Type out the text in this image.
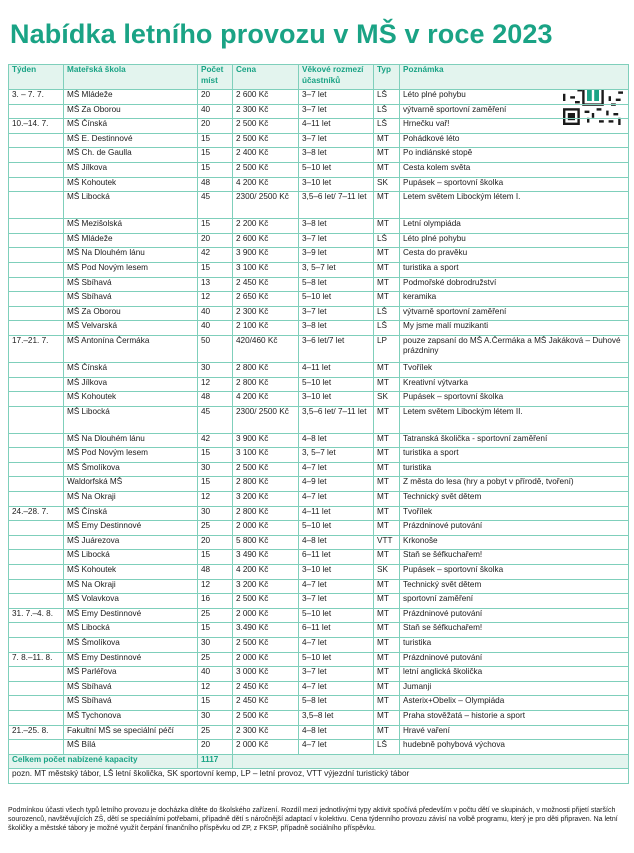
Nabídka letního provozu v MŠ v roce 2023
Týden	Mateřská škola	Počet míst	Cena	Věkové rozmezí účastníků	Typ	Poznámka
3. – 7. 7.	MŠ Mládeže	20	2 600 Kč	3–7 let	LŠ	Léto plné pohybu
	MŠ Za Oborou	40	2 300 Kč	3–7 let	LŠ	výtvarně sportovní zaměření
10.–14. 7.	MŠ Čínská	20	2 500 Kč	4–11 let	LŠ	Hrnečku vař!
	MŠ E. Destinnové	15	2 500 Kč	3–7 let	MT	Pohádkové léto
	MŠ Ch. de Gaulla	15	2 400 Kč	3–8 let	MT	Po indiánské stopě
	MŠ Jílkova	15	2 500 Kč	5–10 let	MT	Cesta kolem světa
	MŠ Kohoutek	48	4 200 Kč	3–10 let	SK	Pupásek – sportovní školka
	MŠ Libocká	45	2300/ 2500 Kč	3,5–6 let/ 7–11 let	MT	Letem světem Libockým létem I.
	MŠ Mezišolská	15	2 200 Kč	3–8 let	MT	Letní olympiáda
	MŠ Mládeže	20	2 600 Kč	3–7 let	LŠ	Léto plné pohybu
	MŠ Na Dlouhém lánu	42	3 900 Kč	3–9 let	MT	Cesta do pravěku
	MŠ Pod Novým lesem	15	3 100 Kč	3, 5–7 let	MT	turistika a sport
	MŠ Sbíhavá	13	2 450 Kč	5–8 let	MT	Podmořské dobrodružství
	MŠ Sbíhavá	12	2 650 Kč	5–10 let	MT	keramika
	MŠ Za Oborou	40	2 300 Kč	3–7 let	LŠ	výtvarně sportovní zaměření
	MŠ Velvarská	40	2 100 Kč	3–8 let	LŠ	My jsme malí muzikanti
17.–21. 7.	MŠ Antonína Čermáka	50	420/460 Kč	3–6 let/7 let	LP	pouze zapsaní do MŠ A.Čermáka a MŠ Jakáková – Duhové prázdniny
	MŠ Čínská	30	2 800 Kč	4–11 let	MT	Tvořílek
	MŠ Jílkova	12	2 800 Kč	5–10 let	MT	Kreativní výtvarka
	MŠ Kohoutek	48	4 200 Kč	3–10 let	SK	Pupásek – sportovní školka
	MŠ Libocká	45	2300/ 2500 Kč	3,5–6 let/ 7–11 let	MT	Letem světem Libockým létem II.
	MŠ Na Dlouhém lánu	42	3 900 Kč	4–8 let	MT	Tatranská školička - sportovní zaměření
	MŠ Pod Novým lesem	15	3 100 Kč	3, 5–7 let	MT	turistika a sport
	MŠ Šmolíkova	30	2 500 Kč	4–7 let	MT	turistika
	Waldorfská MŠ	15	2 800 Kč	4–9 let	MT	Z města do lesa (hry a pobyt v přírodě, tvoření)
	MŠ Na Okraji	12	3 200 Kč	4–7 let	MT	Technický svět dětem
24.–28. 7.	MŠ Čínská	30	2 800 Kč	4–11 let	MT	Tvořílek
	MŠ Emy Destinnové	25	2 000 Kč	5–10 let	MT	Prázdninové putování
	MŠ Juárezova	20	5 800 Kč	4–8 let	VTT	Krkonoše
	MŠ Libocká	15	3 490 Kč	6–11 let	MT	Staň se šéfkuchařem!
	MŠ Kohoutek	48	4 200 Kč	3–10 let	SK	Pupásek – sportovní školka
	MŠ Na Okraji	12	3 200 Kč	4–7 let	MT	Technický svět dětem
	MŠ Volavkova	16	2 500 Kč	3–7 let	MT	sportovní zaměření
31. 7.–4. 8.	MŠ Emy Destinnové	25	2 000 Kč	5–10 let	MT	Prázdninové putování
	MŠ Libocká	15	3.490 Kč	6–11 let	MT	Staň se šéfkuchařem!
	MŠ Šmolíkova	30	2 500 Kč	4–7 let	MT	turistika
7. 8.–11. 8.	MŠ Emy Destinnové	25	2 000 Kč	5–10 let	MT	Prázdninové putování
	MŠ Parléřova	40	3 000 Kč	3–7 let	MT	letní anglická školička
	MŠ Sbíhavá	12	2 450 Kč	4–7 let	MT	Jumanji
	MŠ Sbíhavá	15	2 450 Kč	5–8 let	MT	Asterix+Obelix – Olympiáda
	MŠ Tychonova	30	2 500 Kč	3,5–8 let	MT	Praha stověžatá – historie a sport
21.–25. 8.	Fakultní MŠ se speciální péčí	25	2 300 Kč	4–8 let	MT	Hravé vaření
	MŠ Bílá	20	2 000 Kč	4–7 let	LŠ	hudebně pohybová výchova
Celkem počet nabízené kapacity		1117				
pozn. MT městský tábor, LŠ letní školička, SK sportovní kemp, LP – letní provoz, VTT výjezdní turistický tábor						

Podmínkou účasti všech typů letního provozu je docházka dítěte do školského zařízení. Rozdíl mezi jednotlivými typy aktivit spočívá především v počtu dětí ve skupinách, v možnosti přijetí starších sourozenců, navštěvujících ZŠ, dětí se speciálními potřebami, případně dětí s náročnější adaptací v kolektivu. Cena týdenního provozu závisí na volbě programu, který je pro děti připraven. Na letní školičky a městské tábory je možné využít čerpání finančního příspěvku od ZP, z FKSP, případně sociálního příspěvku.
